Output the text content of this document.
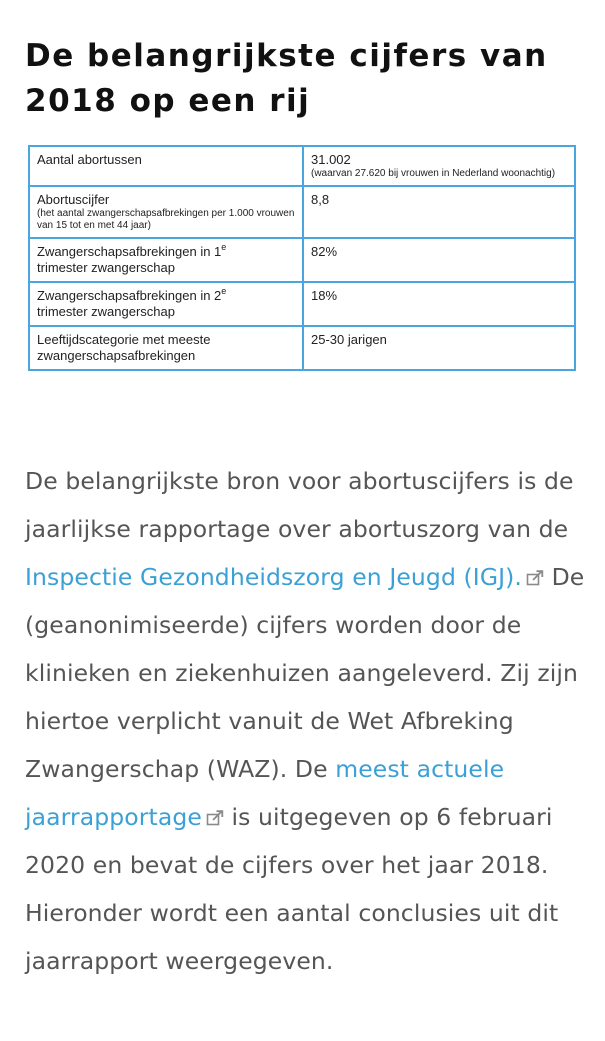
De belangrijkste cijfers van 2018 op een rij
Aantal abortussen	31.002
(waarvan 27.620 bij vrouwen in Nederland woonachtig)

Abortuscijfer
(het aantal zwangerschapsafbrekingen per 1.000 vrouwen van 15 tot en met 44 jaar)	8,8
Zwangerschapsafbrekingen in 1e
trimester zwangerschap	82%
Zwangerschapsafbrekingen in 2e
trimester zwangerschap	18%
Leeftijdscategorie met meeste zwangerschapsafbrekingen	25-30 jarigen

De belangrijkste bron voor abortuscijfers is de jaarlijkse rapportage over abortuszorg van de Inspectie Gezondheidszorg en Jeugd (IGJ). De (geanonimiseerde) cijfers worden door de klinieken en ziekenhuizen aangeleverd. Zij zijn hiertoe verplicht vanuit de Wet Afbreking Zwangerschap (WAZ). De meest actuele jaarrapportage is uitgegeven op 6 februari 2020 en bevat de cijfers over het jaar 2018. Hieronder wordt een aantal conclusies uit dit jaarrapport weergegeven.
